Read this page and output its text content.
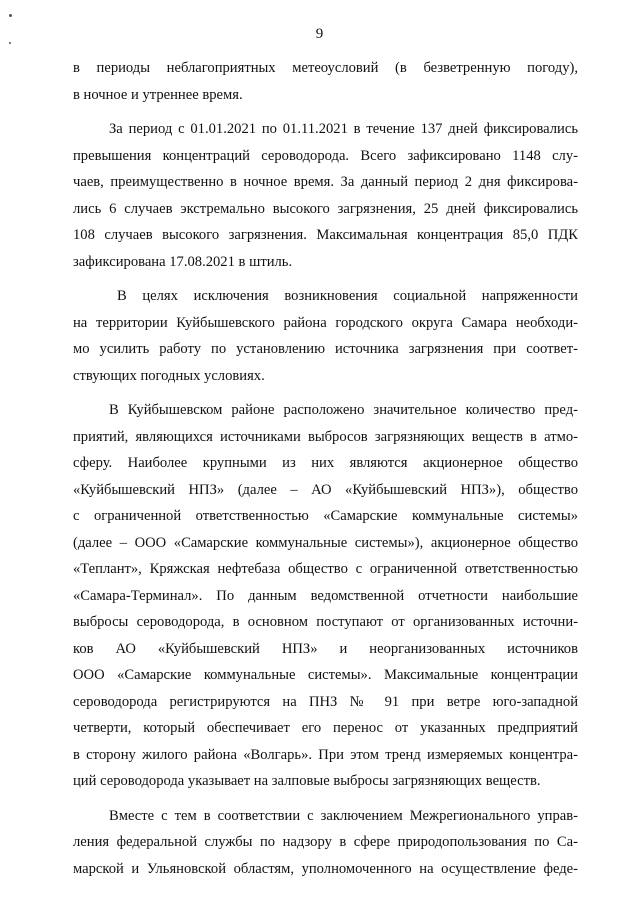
9
в периоды неблагоприятных метеоусловий (в безветренную погоду),
в ночное и утреннее время.
За период с 01.01.2021 по 01.11.2021 в течение 137 дней фиксировались
превышения концентраций сероводорода. Всего зафиксировано 1148 слу-
чаев, преимущественно в ночное время. За данный период 2 дня фиксирова-
лись 6 случаев экстремально высокого загрязнения, 25 дней фиксировались
108 случаев высокого загрязнения. Максимальная концентрация 85,0 ПДК
зафиксирована 17.08.2021 в штиль.
В целях исключения возникновения социальной напряженности
на территории Куйбышевского района городского округа Самара необходи-
мо усилить работу по установлению источника загрязнения при соответ-
ствующих погодных условиях.
В Куйбышевском районе расположено значительное количество пред-
приятий, являющихся источниками выбросов загрязняющих веществ в атмо-
сферу. Наиболее крупными из них являются акционерное общество
«Куйбышевский НПЗ» (далее – АО «Куйбышевский НПЗ»), общество
с ограниченной ответственностью «Самарские коммунальные системы»
(далее – ООО «Самарские коммунальные системы»), акционерное общество
«Теплант», Кряжская нефтебаза общество с ограниченной ответственностью
«Самара-Терминал». По данным ведомственной отчетности наибольшие
выбросы сероводорода, в основном поступают от организованных источни-
ков АО «Куйбышевский НПЗ» и неорганизованных источников
ООО «Самарские коммунальные системы». Максимальные концентрации
сероводорода регистрируются на ПНЗ № 91 при ветре юго-западной
четверти, который обеспечивает его перенос от указанных предприятий
в сторону жилого района «Волгарь». При этом тренд измеряемых концентра-
ций сероводорода указывает на залповые выбросы загрязняющих веществ.
Вместе с тем в соответствии с заключением Межрегионального управ-
ления федеральной службы по надзору в сфере природопользования по Са-
марской и Ульяновской областям, уполномоченного на осуществление феде-
